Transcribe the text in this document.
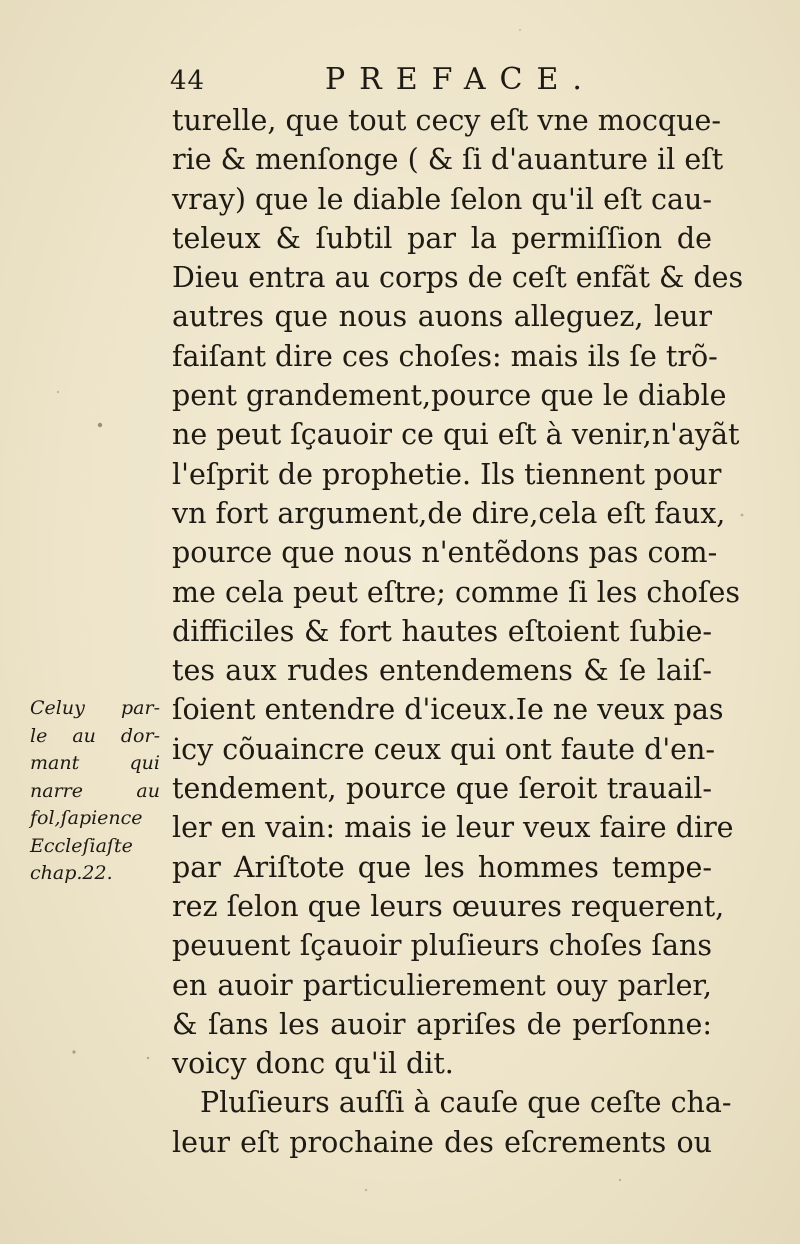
44	PREFACE.
turelle, que tout cecy eſt vne mocque-
rie & menſonge ( & ſi d'auanture il eſt
vray) que le diable ſelon qu'il eſt cau-
teleux & ſubtil par la permiſſion de
Dieu entra au corps de ceſt enfãt & des
autres que nous auons alleguez, leur
faiſant dire ces choſes: mais ils ſe trõ-
pent grandement,pource que le diable
ne peut ſçauoir ce qui eſt à venir,n'ayãt
l'eſprit de prophetie. Ils tiennent pour
vn fort argument,de dire,cela eſt faux,
pource que nous n'entẽdons pas com-
me cela peut eſtre; comme ſi les choſes
difficiles & fort hautes eſtoient ſubie-
tes aux rudes entendemens & ſe laiſ-
ſoient entendre d'iceux.Ie ne veux pas
icy cõuaincre ceux qui ont faute d'en-
tendement, pource que ſeroit trauail-
ler en vain: mais ie leur veux faire dire
par Ariſtote que les hommes tempe-
rez ſelon que leurs œuures requerent,
peuuent ſçauoir pluſieurs choſes ſans
en auoir particulierement ouy parler,
& ſans les auoir apriſes de perſonne:
voicy donc qu'il dit.
Pluſieurs auſſi à cauſe que ceſte cha-
leur eſt prochaine des eſcrements ou
Celuy par-
le au dor-
mant qui
narre au
fol,ſapience
Eccleſiaſte
chap.22.
